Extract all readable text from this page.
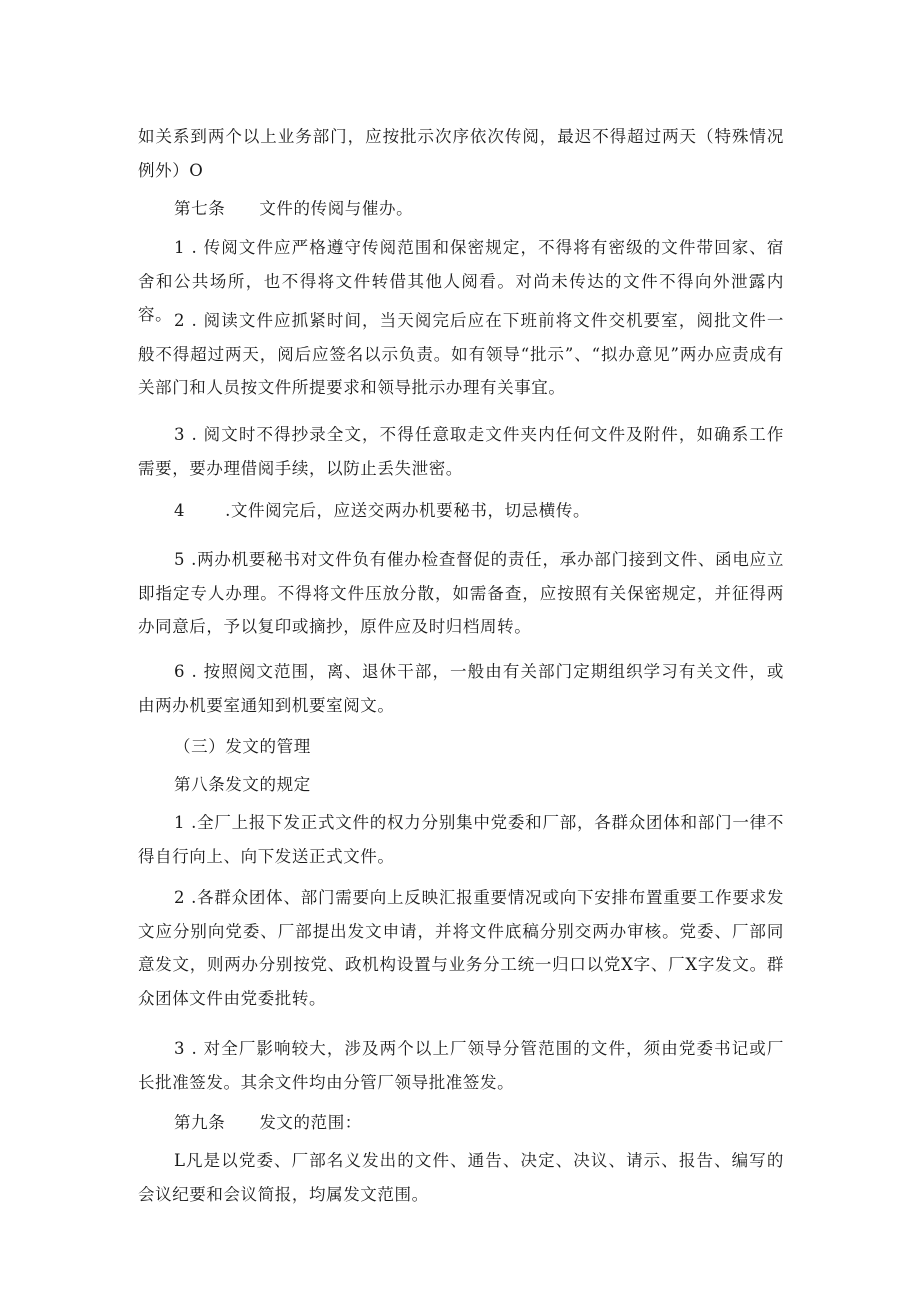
如关系到两个以上业务部门，应按批示次序依次传阅，最迟不得超过两天（特殊情况例外）O

第七条 文件的传阅与催办。

1 . 传阅文件应严格遵守传阅范围和保密规定，不得将有密级的文件带回家、宿舍和公共场所，也不得将文件转借其他人阅看。对尚未传达的文件不得向外泄露内容。 2 . 阅读文件应抓紧时间，当天阅完后应在下班前将文件交机要室，阅批文件一般不得超过两天，阅后应签名以示负责。如有领导“批示”、“拟办意见”两办应责成有关部门和人员按文件所提要求和领导批示办理有关事宜。

3 . 阅文时不得抄录全文，不得任意取走文件夹内任何文件及附件，如确系工作需要，要办理借阅手续，以防止丢失泄密。

4 .文件阅完后，应送交两办机要秘书，切忌横传。

5 .两办机要秘书对文件负有催办检查督促的责任，承办部门接到文件、函电应立即指定专人办理。不得将文件压放分散，如需备查，应按照有关保密规定，并征得两办同意后，予以复印或摘抄，原件应及时归档周转。

6 . 按照阅文范围，离、退休干部，一般由有关部门定期组织学习有关文件，或由两办机要室通知到机要室阅文。

（三）发文的管理

第八条发文的规定

1 .全厂上报下发正式文件的权力分别集中党委和厂部，各群众团体和部门一律不得自行向上、向下发送正式文件。

2 .各群众团体、部门需要向上反映汇报重要情况或向下安排布置重要工作要求发文应分别向党委、厂部提出发文申请，并将文件底稿分别交两办审核。党委、厂部同意发文，则两办分别按党、政机构设置与业务分工统一归口以党X字、厂X字发文。群众团体文件由党委批转。

3 . 对全厂影响较大，涉及两个以上厂领导分管范围的文件，须由党委书记或厂长批准签发。其余文件均由分管厂领导批准签发。

第九条 发文的范围：

L凡是以党委、厂部名义发出的文件、通告、决定、决议、请示、报告、编写的会议纪要和会议简报，均属发文范围。
